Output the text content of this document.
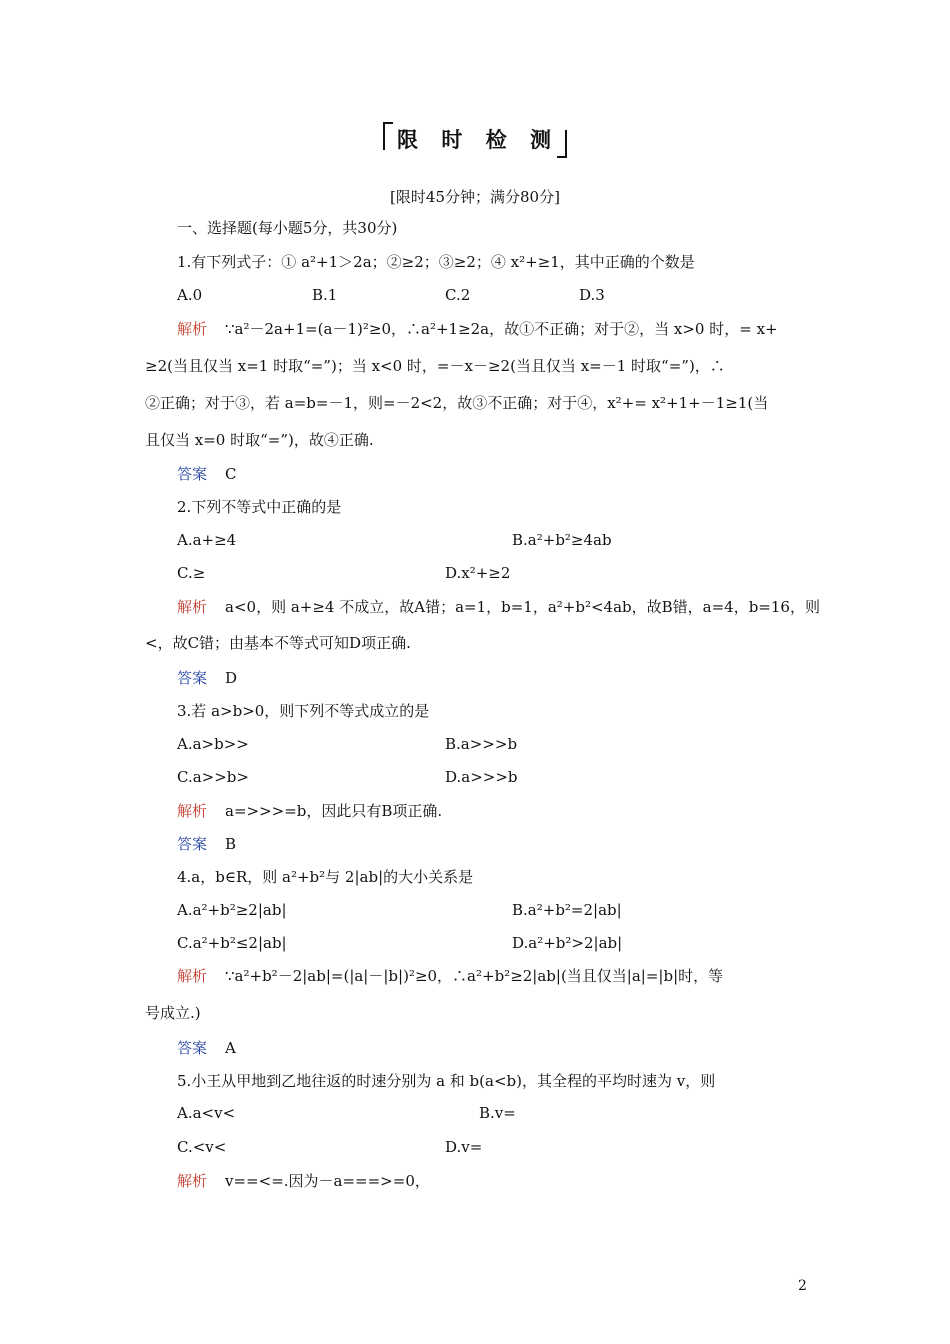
限 时 检 测
[限时45分钟；满分80分]
一、选择题(每小题5分，共30分)
1.有下列式子：① a²+1＞2a；②≥2；③≥2；④ x²+≥1，其中正确的个数是
A.0	B.1	C.2	D.3
解析 ∵a²－2a+1=(a－1)²≥0，∴a²+1≥2a，故①不正确；对于②，当 x>0 时，= x+
≥2(当且仅当 x=1 时取“=”)；当 x<0 时，=－x－≥2(当且仅当 x=－1 时取“=”)，∴
②正确；对于③，若 a=b=－1，则=－2<2，故③不正确；对于④，x²+= x²+1+－1≥1(当
且仅当 x=0 时取“=”)，故④正确.
答案 C
2.下列不等式中正确的是
A.a+≥4	B.a²+b²≥4ab
C.≥	D.x²+≥2
解析 a<0，则 a+≥4 不成立，故A错；a=1，b=1，a²+b²<4ab，故B错，a=4，b=16，则
<，故C错；由基本不等式可知D项正确.
答案 D
3.若 a>b>0，则下列不等式成立的是
A.a>b>>	B.a>>>b
C.a>>b>	D.a>>>b
解析 a=>>>=b，因此只有B项正确.
答案 B
4.a，b∈R，则 a²+b²与 2|ab|的大小关系是
A.a²+b²≥2|ab|	B.a²+b²=2|ab|
C.a²+b²≤2|ab|	D.a²+b²>2|ab|
解析 ∵a²+b²－2|ab|=(|a|－|b|)²≥0，∴a²+b²≥2|ab|(当且仅当|a|=|b|时，等
号成立.)
答案 A
5.小王从甲地到乙地往返的时速分别为 a 和 b(a<b)，其全程的平均时速为 v，则
A.a<v<	B.v=
C.<v<	D.v=
解析 v==<=.因为－a===>=0，
2
